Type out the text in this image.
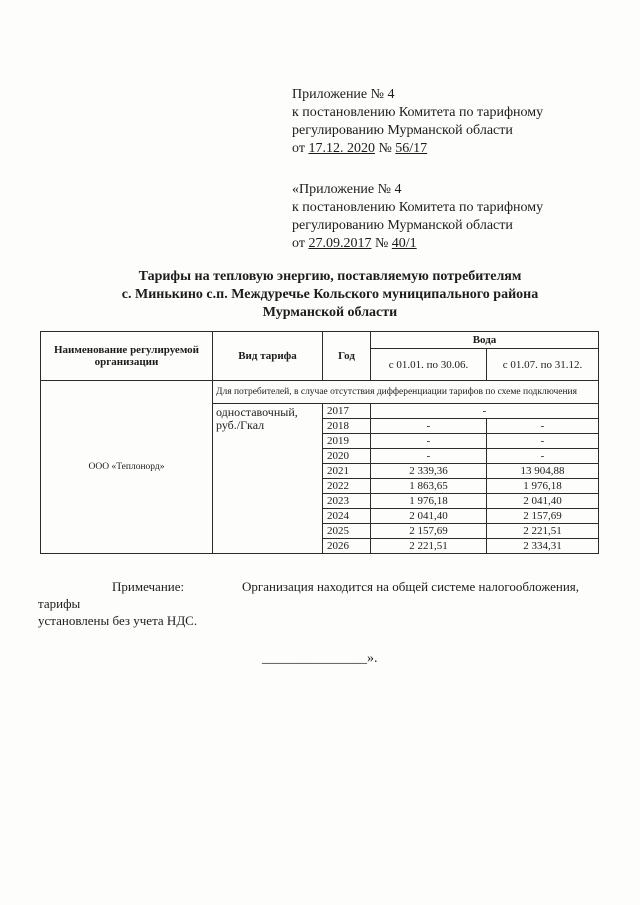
Приложение № 4
к постановлению Комитета по тарифному
регулированию Мурманской области
от 17.12. 2020 № 56/17
«Приложение № 4
к постановлению Комитета по тарифному
регулированию Мурманской области
от 27.09.2017 № 40/1
Тарифы на тепловую энергию, поставляемую потребителям
с. Минькино с.п. Междуречье Кольского муниципального района
Мурманской области
Наименование регулируемой организации	Вид тарифа	Год	Вода	
			с 01.01. по 30.06.	с 01.07. по 31.12.
ООО «Теплонорд»	Для потребителей, в случае отсутствия дифференциации тарифов по схеме подключения			
	одноставочный, руб./Гкал	2017	-	
		2018	-	-
		2019	-	-
		2020	-	-
		2021	2 339,36	13 904,88
		2022	1 863,65	1 976,18
		2023	1 976,18	2 041,40
		2024	2 041,40	2 157,69
		2025	2 157,69	2 221,51
		2026	2 221,51	2 334,31
Примечание:	Организация находится на общей системе налогообложения, тарифы
установлены без учета НДС.
_______________».
